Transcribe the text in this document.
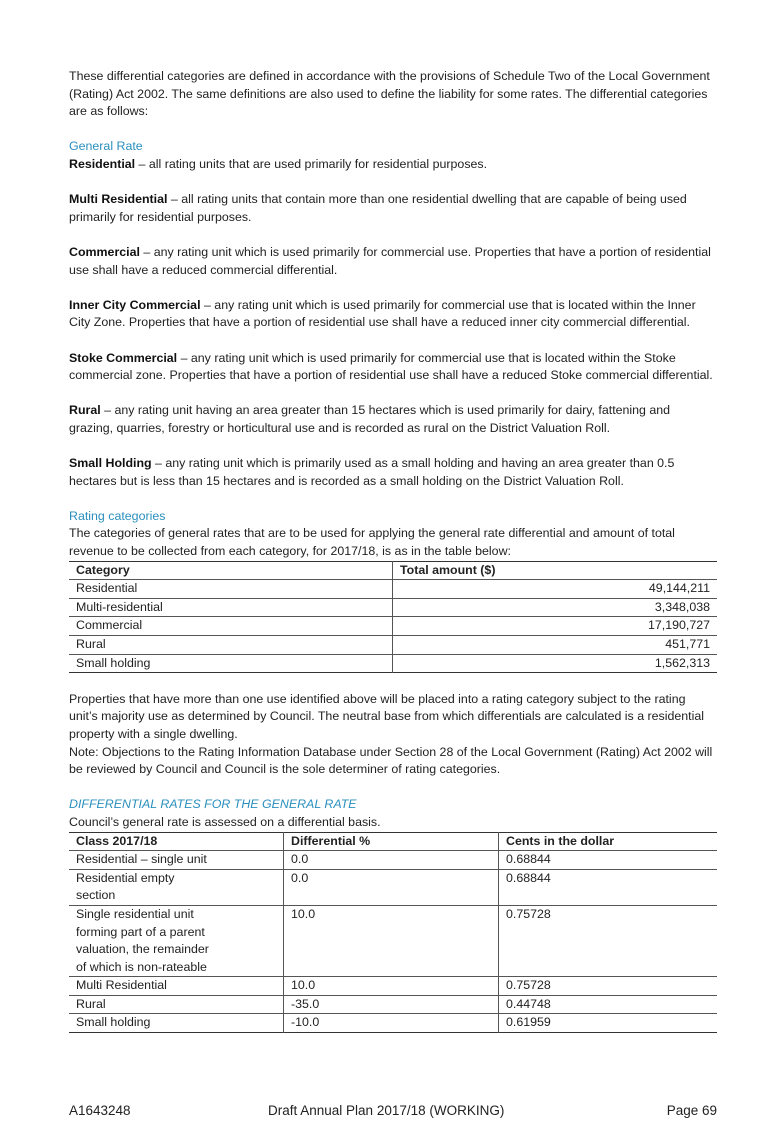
These differential categories are defined in accordance with the provisions of Schedule Two of the Local Government (Rating) Act 2002. The same definitions are also used to define the liability for some rates. The differential categories are as follows:

General Rate

Residential – all rating units that are used primarily for residential purposes.

Multi Residential – all rating units that contain more than one residential dwelling that are capable of being used primarily for residential purposes.

Commercial – any rating unit which is used primarily for commercial use. Properties that have a portion of residential use shall have a reduced commercial differential.

Inner City Commercial – any rating unit which is used primarily for commercial use that is located within the Inner City Zone. Properties that have a portion of residential use shall have a reduced inner city commercial differential.

Stoke Commercial – any rating unit which is used primarily for commercial use that is located within the Stoke commercial zone. Properties that have a portion of residential use shall have a reduced Stoke commercial differential.

Rural – any rating unit having an area greater than 15 hectares which is used primarily for dairy, fattening and grazing, quarries, forestry or horticultural use and is recorded as rural on the District Valuation Roll.

Small Holding – any rating unit which is primarily used as a small holding and having an area greater than 0.5 hectares but is less than 15 hectares and is recorded as a small holding on the District Valuation Roll.

Rating categories

The categories of general rates that are to be used for applying the general rate differential and amount of total revenue to be collected from each category, for 2017/18, is as in the table below:

Category	Total amount ($)
Residential	49,144,211
Multi-residential	3,348,038
Commercial	17,190,727
Rural	451,771
Small holding	1,562,313

Properties that have more than one use identified above will be placed into a rating category subject to the rating unit’s majority use as determined by Council. The neutral base from which differentials are calculated is a residential property with a single dwelling.

Note: Objections to the Rating Information Database under Section 28 of the Local Government (Rating) Act 2002 will be reviewed by Council and Council is the sole determiner of rating categories.

DIFFERENTIAL RATES FOR THE GENERAL RATE

Council’s general rate is assessed on a differential basis.

Class 2017/18	Differential %	Cents in the dollar
Residential – single unit	0.0	0.68844
Residential empty
section	0.0	0.68844
Single residential unit
forming part of a parent
valuation, the remainder
of which is non-rateable	10.0	0.75728
Multi Residential	10.0	0.75728
Rural	-35.0	0.44748
Small holding	-10.0	0.61959
A1643248	Draft Annual Plan 2017/18 (WORKING)	Page 69
